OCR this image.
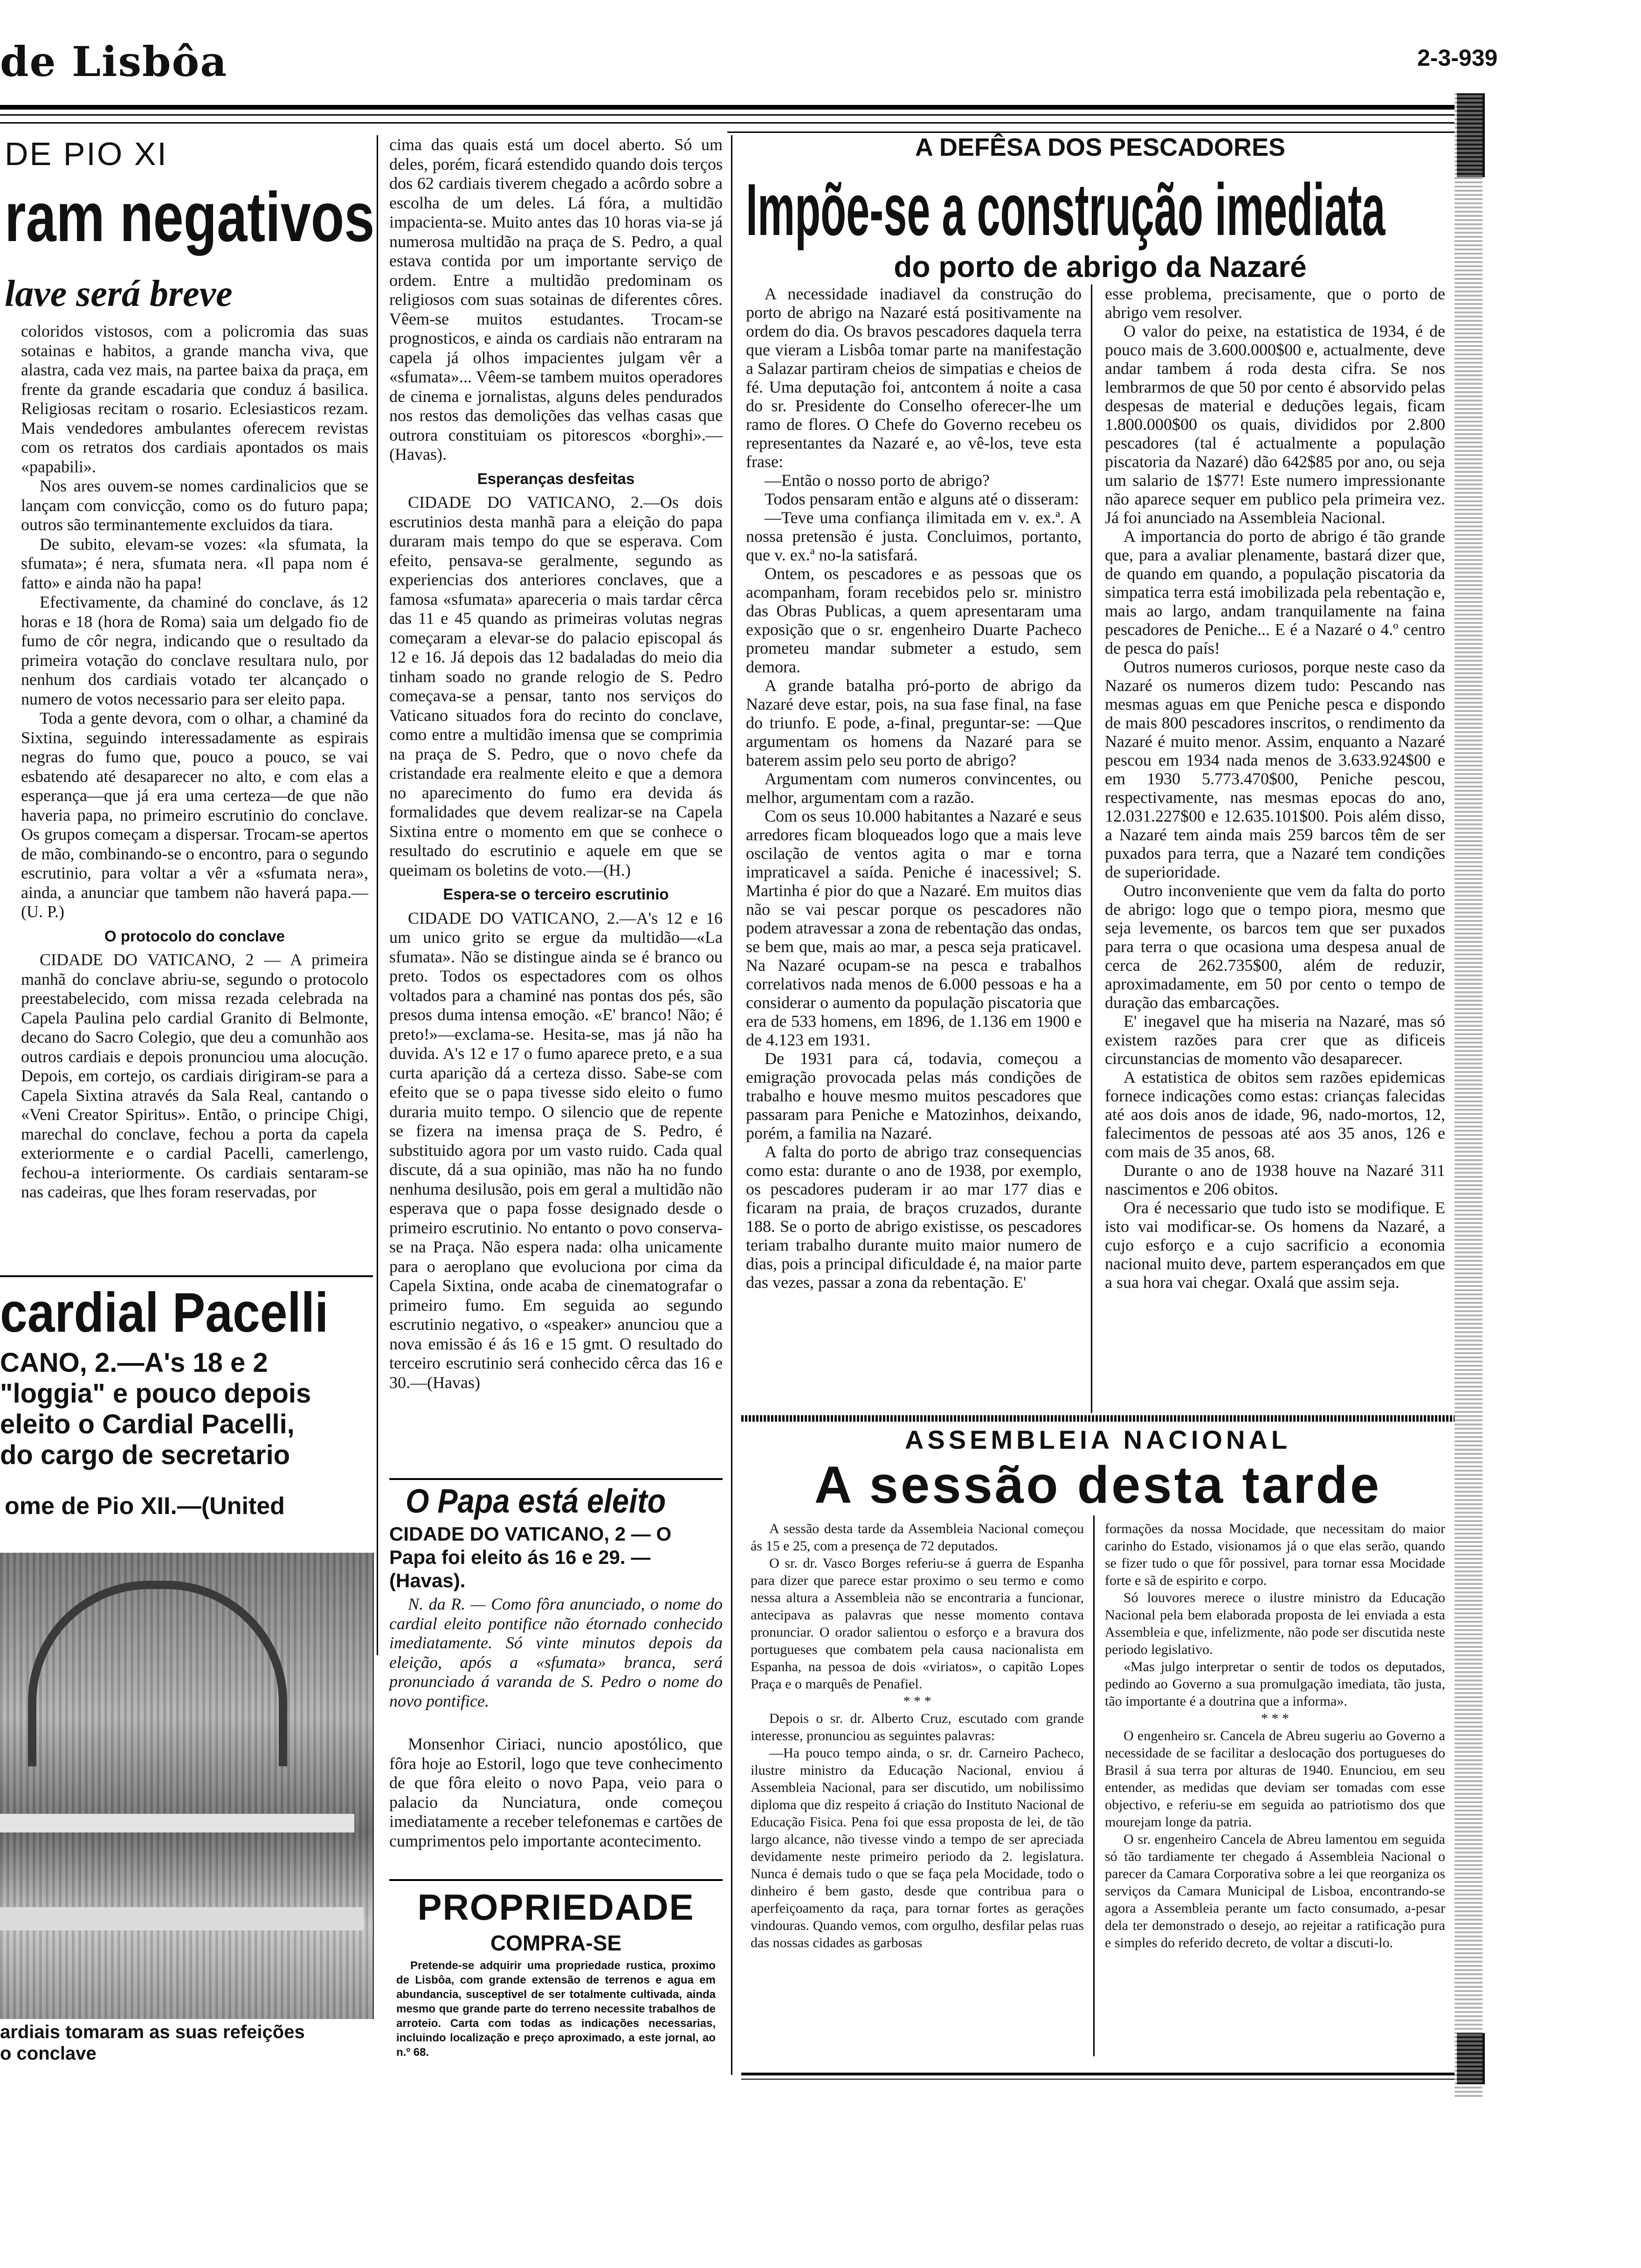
de Lisbôa	2-3-939
DE PIO XI
ram negativos
lave será breve

coloridos vistosos, com a policromia das suas sotainas e habitos, a grande mancha viva, que alastra, cada vez mais, na partee baixa da praça, em frente da grande escadaria que conduz á basilica. Religiosas recitam o rosario. Eclesiasticos rezam. Mais vendedores ambulantes oferecem revistas com os retratos dos cardiais apontados os mais «papabili».

Nos ares ouvem-se nomes cardinalicios que se lançam com convicção, como os do futuro papa; outros são terminantemente excluidos da tiara.

De subito, elevam-se vozes: «la sfumata, la sfumata»; é nera, sfumata nera. «Il papa nom é fatto» e ainda não ha papa!

Efectivamente, da chaminé do conclave, ás 12 horas e 18 (hora de Roma) saia um delgado fio de fumo de côr negra, indicando que o resultado da primeira votação do conclave resultara nulo, por nenhum dos cardiais votado ter alcançado o numero de votos necessario para ser eleito papa.

Toda a gente devora, com o olhar, a chaminé da Sixtina, seguindo interessadamente as espirais negras do fumo que, pouco a pouco, se vai esbatendo até desaparecer no alto, e com elas a esperança—que já era uma certeza—de que não haveria papa, no primeiro escrutinio do conclave. Os grupos começam a dispersar. Trocam-se apertos de mão, combinando-se o encontro, para o segundo escrutinio, para voltar a vêr a «sfumata nera», ainda, a anunciar que tambem não haverá papa.—(U. P.)

O protocolo do conclave

CIDADE DO VATICANO, 2 — A primeira manhã do conclave abriu-se, segundo o protocolo preestabelecido, com missa rezada celebrada na Capela Paulina pelo cardial Granito di Belmonte, decano do Sacro Colegio, que deu a comunhão aos outros cardiais e depois pronunciou uma alocução. Depois, em cortejo, os cardiais dirigiram-se para a Capela Sixtina através da Sala Real, cantando o «Veni Creator Spiritus». Então, o principe Chigi, marechal do conclave, fechou a porta da capela exteriormente e o cardial Pacelli, camerlengo, fechou-a interiormente. Os cardiais sentaram-se nas cadeiras, que lhes foram reservadas, por

cardial Pacelli
CANO, 2.—A's 18 e 2
"loggia" e pouco depois
eleito o Cardial Pacelli,
do cargo de secretario
ome de Pio XII.—(United
ardiais tomaram as suas refeições
o conclave

cima das quais está um docel aberto. Só um deles, porém, ficará estendido quando dois terços dos 62 cardiais tiverem chegado a acôrdo sobre a escolha de um deles. Lá fóra, a multidão impacienta-se. Muito antes das 10 horas via-se já numerosa multidão na praça de S. Pedro, a qual estava contida por um importante serviço de ordem. Entre a multidão predominam os religiosos com suas sotainas de diferentes côres. Vêem-se muitos estudantes. Trocam-se prognosticos, e ainda os cardiais não entraram na capela já olhos impacientes julgam vêr a «sfumata»... Vêem-se tambem muitos operadores de cinema e jornalistas, alguns deles pendurados nos restos das demolições das velhas casas que outrora constituiam os pitorescos «borghi».—(Havas).

Esperanças desfeitas

CIDADE DO VATICANO, 2.—Os dois escrutinios desta manhã para a eleição do papa duraram mais tempo do que se esperava. Com efeito, pensava-se geralmente, segundo as experiencias dos anteriores conclaves, que a famosa «sfumata» apareceria o mais tardar cêrca das 11 e 45 quando as primeiras volutas negras começaram a elevar-se do palacio episcopal ás 12 e 16. Já depois das 12 badaladas do meio dia tinham soado no grande relogio de S. Pedro começava-se a pensar, tanto nos serviços do Vaticano situados fora do recinto do conclave, como entre a multidão imensa que se comprimia na praça de S. Pedro, que o novo chefe da cristandade era realmente eleito e que a demora no aparecimento do fumo era devida ás formalidades que devem realizar-se na Capela Sixtina entre o momento em que se conhece o resultado do escrutinio e aquele em que se queimam os boletins de voto.—(H.)

Espera-se o terceiro escrutinio

CIDADE DO VATICANO, 2.—A's 12 e 16 um unico grito se ergue da multidão—«La sfumata». Não se distingue ainda se é branco ou preto. Todos os espectadores com os olhos voltados para a chaminé nas pontas dos pés, são presos duma intensa emoção. «E' branco! Não; é preto!»—exclama-se. Hesita-se, mas já não ha duvida. A's 12 e 17 o fumo aparece preto, e a sua curta aparição dá a certeza disso. Sabe-se com efeito que se o papa tivesse sido eleito o fumo duraria muito tempo. O silencio que de repente se fizera na imensa praça de S. Pedro, é substituido agora por um vasto ruido. Cada qual discute, dá a sua opinião, mas não ha no fundo nenhuma desilusão, pois em geral a multidão não esperava que o papa fosse designado desde o primeiro escrutinio. No entanto o povo conserva-se na Praça. Não espera nada: olha unicamente para o aeroplano que evoluciona por cima da Capela Sixtina, onde acaba de cinematografar o primeiro fumo. Em seguida ao segundo escrutinio negativo, o «speaker» anunciou que a nova emissão é ás 16 e 15 gmt. O resultado do terceiro escrutinio será conhecido cêrca das 16 e 30.—(Havas)

O Papa está eleito
CIDADE DO VATICANO, 2 — O Papa foi eleito ás 16 e 29. —(Havas).
N. da R. — Como fôra anunciado, o nome do cardial eleito pontifice não étornado conhecido imediatamente. Só vinte minutos depois da eleição, após a «sfumata» branca, será pronunciado á varanda de S. Pedro o nome do novo pontifice.
Monsenhor Ciriaci, nuncio apostólico, que fôra hoje ao Estoril, logo que teve conhecimento de que fôra eleito o novo Papa, veio para o palacio da Nunciatura, onde começou imediatamente a receber telefonemas e cartões de cumprimentos pelo importante acontecimento.
PROPRIEDADE
COMPRA-SE
Pretende-se adquirir uma propriedade rustica, proximo de Lisbôa, com grande extensão de terrenos e agua em abundancia, susceptivel de ser totalmente cultivada, ainda mesmo que grande parte do terreno necessite trabalhos de arroteio. Carta com todas as indicações necessarias, incluindo localização e preço aproximado, a este jornal, ao n.º 68.
A DEFÊSA DOS PESCADORES
Impõe-se a construção imediata
do porto de abrigo da Nazaré

A necessidade inadiavel da construção do porto de abrigo na Nazaré está positivamente na ordem do dia. Os bravos pescadores daquela terra que vieram a Lisbôa tomar parte na manifestação a Salazar partiram cheios de simpatias e cheios de fé. Uma deputação foi, antcontem á noite a casa do sr. Presidente do Conselho oferecer-lhe um ramo de flores. O Chefe do Governo recebeu os representantes da Nazaré e, ao vê-los, teve esta frase:

—Então o nosso porto de abrigo?

Todos pensaram então e alguns até o disseram:

—Teve uma confiança ilimitada em v. ex.ª. A nossa pretensão é justa. Concluimos, portanto, que v. ex.ª no-la satisfará.

Ontem, os pescadores e as pessoas que os acompanham, foram recebidos pelo sr. ministro das Obras Publicas, a quem apresentaram uma exposição que o sr. engenheiro Duarte Pacheco prometeu mandar submeter a estudo, sem demora.

A grande batalha pró-porto de abrigo da Nazaré deve estar, pois, na sua fase final, na fase do triunfo. E pode, a-final, preguntar-se: —Que argumentam os homens da Nazaré para se baterem assim pelo seu porto de abrigo?

Argumentam com numeros convincentes, ou melhor, argumentam com a razão.

Com os seus 10.000 habitantes a Nazaré e seus arredores ficam bloqueados logo que a mais leve oscilação de ventos agita o mar e torna impraticavel a saída. Peniche é inacessivel; S. Martinha é pior do que a Nazaré. Em muitos dias não se vai pescar porque os pescadores não podem atravessar a zona de rebentação das ondas, se bem que, mais ao mar, a pesca seja praticavel. Na Nazaré ocupam-se na pesca e trabalhos correlativos nada menos de 6.000 pessoas e ha a considerar o aumento da população piscatoria que era de 533 homens, em 1896, de 1.136 em 1900 e de 4.123 em 1931.

De 1931 para cá, todavia, começou a emigração provocada pelas más condições de trabalho e houve mesmo muitos pescadores que passaram para Peniche e Matozinhos, deixando, porém, a familia na Nazaré.

A falta do porto de abrigo traz consequencias como esta: durante o ano de 1938, por exemplo, os pescadores puderam ir ao mar 177 dias e ficaram na praia, de braços cruzados, durante 188. Se o porto de abrigo existisse, os pescadores teriam trabalho durante muito maior numero de dias, pois a principal dificuldade é, na maior parte das vezes, passar a zona da rebentação. E'

esse problema, precisamente, que o porto de abrigo vem resolver.

O valor do peixe, na estatistica de 1934, é de pouco mais de 3.600.000$00 e, actualmente, deve andar tambem á roda desta cifra. Se nos lembrarmos de que 50 por cento é absorvido pelas despesas de material e deduções legais, ficam 1.800.000$00 os quais, divididos por 2.800 pescadores (tal é actualmente a população piscatoria da Nazaré) dão 642$85 por ano, ou seja um salario de 1$77! Este numero impressionante não aparece sequer em publico pela primeira vez. Já foi anunciado na Assembleia Nacional.

A importancia do porto de abrigo é tão grande que, para a avaliar plenamente, bastará dizer que, de quando em quando, a população piscatoria da simpatica terra está imobilizada pela rebentação e, mais ao largo, andam tranquilamente na faina pescadores de Peniche... E é a Nazaré o 4.º centro de pesca do país!

Outros numeros curiosos, porque neste caso da Nazaré os numeros dizem tudo: Pescando nas mesmas aguas em que Peniche pesca e dispondo de mais 800 pescadores inscritos, o rendimento da Nazaré é muito menor. Assim, enquanto a Nazaré pescou em 1934 nada menos de 3.633.924$00 e em 1930 5.773.470$00, Peniche pescou, respectivamente, nas mesmas epocas do ano, 12.031.227$00 e 12.635.101$00. Pois além disso, a Nazaré tem ainda mais 259 barcos têm de ser puxados para terra, que a Nazaré tem condições de superioridade.

Outro inconveniente que vem da falta do porto de abrigo: logo que o tempo piora, mesmo que seja levemente, os barcos tem que ser puxados para terra o que ocasiona uma despesa anual de cerca de 262.735$00, além de reduzir, aproximadamente, em 50 por cento o tempo de duração das embarcações.

E' inegavel que ha miseria na Nazaré, mas só existem razões para crer que as dificeis circunstancias de momento vão desaparecer.

A estatistica de obitos sem razões epidemicas fornece indicações como estas: crianças falecidas até aos dois anos de idade, 96, nado-mortos, 12, falecimentos de pessoas até aos 35 anos, 126 e com mais de 35 anos, 68.

Durante o ano de 1938 houve na Nazaré 311 nascimentos e 206 obitos.

Ora é necessario que tudo isto se modifique. E isto vai modificar-se. Os homens da Nazaré, a cujo esforço e a cujo sacrificio a economia nacional muito deve, partem esperançados em que a sua hora vai chegar. Oxalá que assim seja.

ASSEMBLEIA NACIONAL
A sessão desta tarde

A sessão desta tarde da Assembleia Nacional começou ás 15 e 25, com a presença de 72 deputados.

O sr. dr. Vasco Borges referiu-se á guerra de Espanha para dizer que parece estar proximo o seu termo e como nessa altura a Assembleia não se encontraria a funcionar, antecipava as palavras que nesse momento contava pronunciar. O orador salientou o esforço e a bravura dos portugueses que combatem pela causa nacionalista em Espanha, na pessoa de dois «viriatos», o capitão Lopes Praça e o marquês de Penafiel.

* * *

Depois o sr. dr. Alberto Cruz, escutado com grande interesse, pronunciou as seguintes palavras:

—Ha pouco tempo ainda, o sr. dr. Carneiro Pacheco, ilustre ministro da Educação Nacional, enviou á Assembleia Nacional, para ser discutido, um nobilissimo diploma que diz respeito á criação do Instituto Nacional de Educação Fisica. Pena foi que essa proposta de lei, de tão largo alcance, não tivesse vindo a tempo de ser apreciada devidamente neste primeiro periodo da 2. legislatura. Nunca é demais tudo o que se faça pela Mocidade, todo o dinheiro é bem gasto, desde que contribua para o aperfeiçoamento da raça, para tornar fortes as gerações vindouras. Quando vemos, com orgulho, desfilar pelas ruas das nossas cidades as garbosas

formações da nossa Mocidade, que necessitam do maior carinho do Estado, visionamos já o que elas serão, quando se fizer tudo o que fôr possivel, para tornar essa Mocidade forte e sã de espirito e corpo.

Só louvores merece o ilustre ministro da Educação Nacional pela bem elaborada proposta de lei enviada a esta Assembleia e que, infelizmente, não pode ser discutida neste periodo legislativo.

«Mas julgo interpretar o sentir de todos os deputados, pedindo ao Governo a sua promulgação imediata, tão justa, tão importante é a doutrina que a informa».

* * *

O engenheiro sr. Cancela de Abreu sugeriu ao Governo a necessidade de se facilitar a deslocação dos portugueses do Brasil á sua terra por alturas de 1940. Enunciou, em seu entender, as medidas que deviam ser tomadas com esse objectivo, e referiu-se em seguida ao patriotismo dos que mourejam longe da patria.

O sr. engenheiro Cancela de Abreu lamentou em seguida só tão tardiamente ter chegado á Assembleia Nacional o parecer da Camara Corporativa sobre a lei que reorganiza os serviços da Camara Municipal de Lisboa, encontrando-se agora a Assembleia perante um facto consumado, a-pesar dela ter demonstrado o desejo, ao rejeitar a ratificação pura e simples do referido decreto, de voltar a discuti-lo.
